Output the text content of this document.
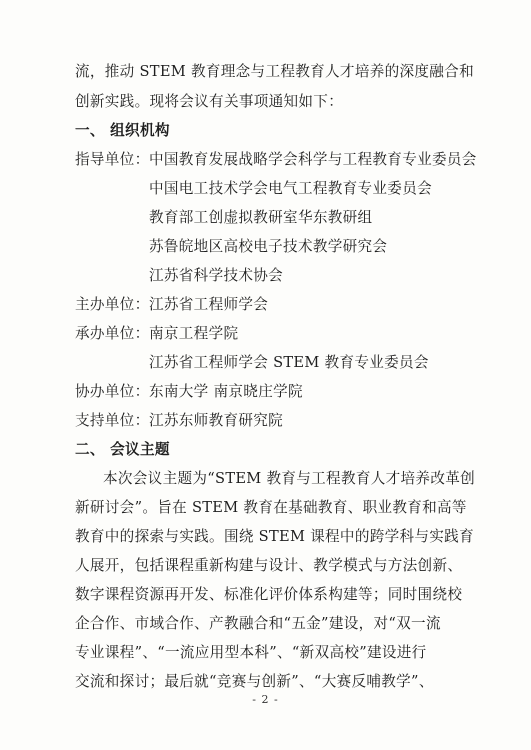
流，推动 STEM 教育理念与工程教育人才培养的深度融合和
创新实践。现将会议有关事项通知如下：
一、 组织机构
指导单位： 中国教育发展战略学会科学与工程教育专业委员会
中国电工技术学会电气工程教育专业委员会
教育部工创虚拟教研室华东教研组
苏鲁皖地区高校电子技术教学研究会
江苏省科学技术协会
主办单位： 江苏省工程师学会
承办单位： 南京工程学院
江苏省工程师学会 STEM 教育专业委员会
协办单位： 东南大学 南京晓庄学院
支持单位： 江苏东师教育研究院
二、 会议主题
本次会议主题为“STEM 教育与工程教育人才培养改革创
新研讨会”。旨在 STEM 教育在基础教育、职业教育和高等
教育中的探索与实践。围绕 STEM 课程中的跨学科与实践育
人展开，包括课程重新构建与设计、教学模式与方法创新、
数字课程资源再开发、标准化评价体系构建等；同时围绕校
企合作、市域合作、产教融合和“五金”建设，对“双一流
专业课程”、“一流应用型本科”、“新双高校”建设进行
交流和探讨；最后就“竞赛与创新”、“大赛反哺教学”、
- 2 -
